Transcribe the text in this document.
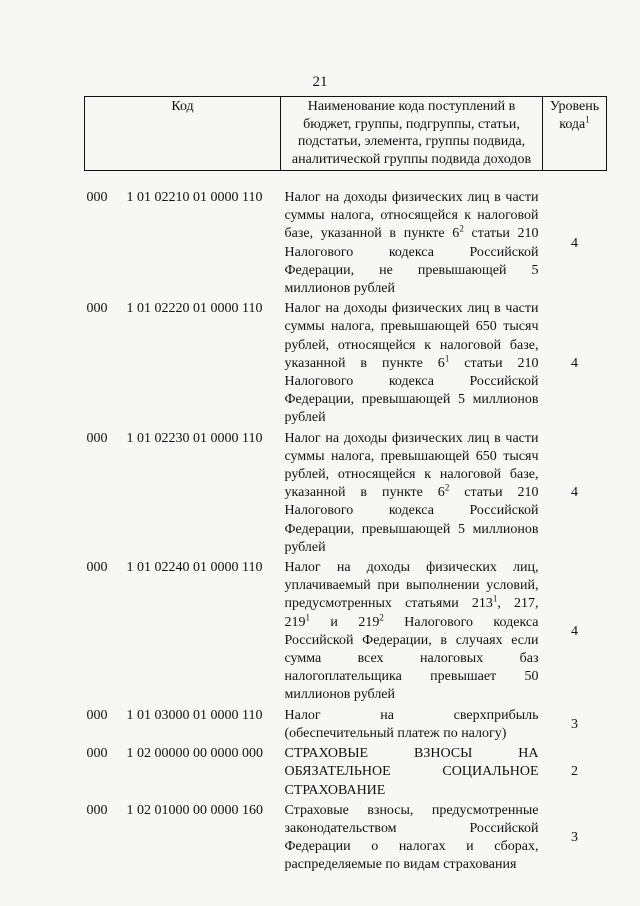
21
Код	Наименование кода поступлений в бюджет, группы, подгруппы, статьи, подстатьи, элемента, группы подвида, аналитической группы подвида доходов	Уровень кода$^1$

000 1 01 02210 01 0000 110	Налог на доходы физических лиц в части суммы налога, относящейся к налоговой базе, указанной в пункте $6^2$ статьи 210 Налогового кодекса Российской Федерации, не превышающей 5 миллионов рублей	4
000 1 01 02220 01 0000 110	Налог на доходы физических лиц в части суммы налога, превышающей 650 тысяч рублей, относящейся к налоговой базе, указанной в пункте $6^1$ статьи 210 Налогового кодекса Российской Федерации, превышающей 5 миллионов рублей	4
000 1 01 02230 01 0000 110	Налог на доходы физических лиц в части суммы налога, превышающей 650 тысяч рублей, относящейся к налоговой базе, указанной в пункте $6^2$ статьи 210 Налогового кодекса Российской Федерации, превышающей 5 миллионов рублей	4
000 1 01 02240 01 0000 110	Налог на доходы физических лиц, уплачиваемый при выполнении условий, предусмотренных статьями $213^1$, 217, $219^1$ и $219^2$ Налогового кодекса Российской Федерации, в случаях если сумма всех налоговых баз налогоплательщика превышает 50 миллионов рублей	4
000 1 01 03000 01 0000 110	Налог на сверхприбыль (обеспечительный платеж по налогу)	3
000 1 02 00000 00 0000 000	СТРАХОВЫЕ ВЗНОСЫ НА ОБЯЗАТЕЛЬНОЕ СОЦИАЛЬНОЕ СТРАХОВАНИЕ	2
000 1 02 01000 00 0000 160	Страховые взносы, предусмотренные законодательством Российской Федерации о налогах и сборах, распределяемые по видам страхования	3
